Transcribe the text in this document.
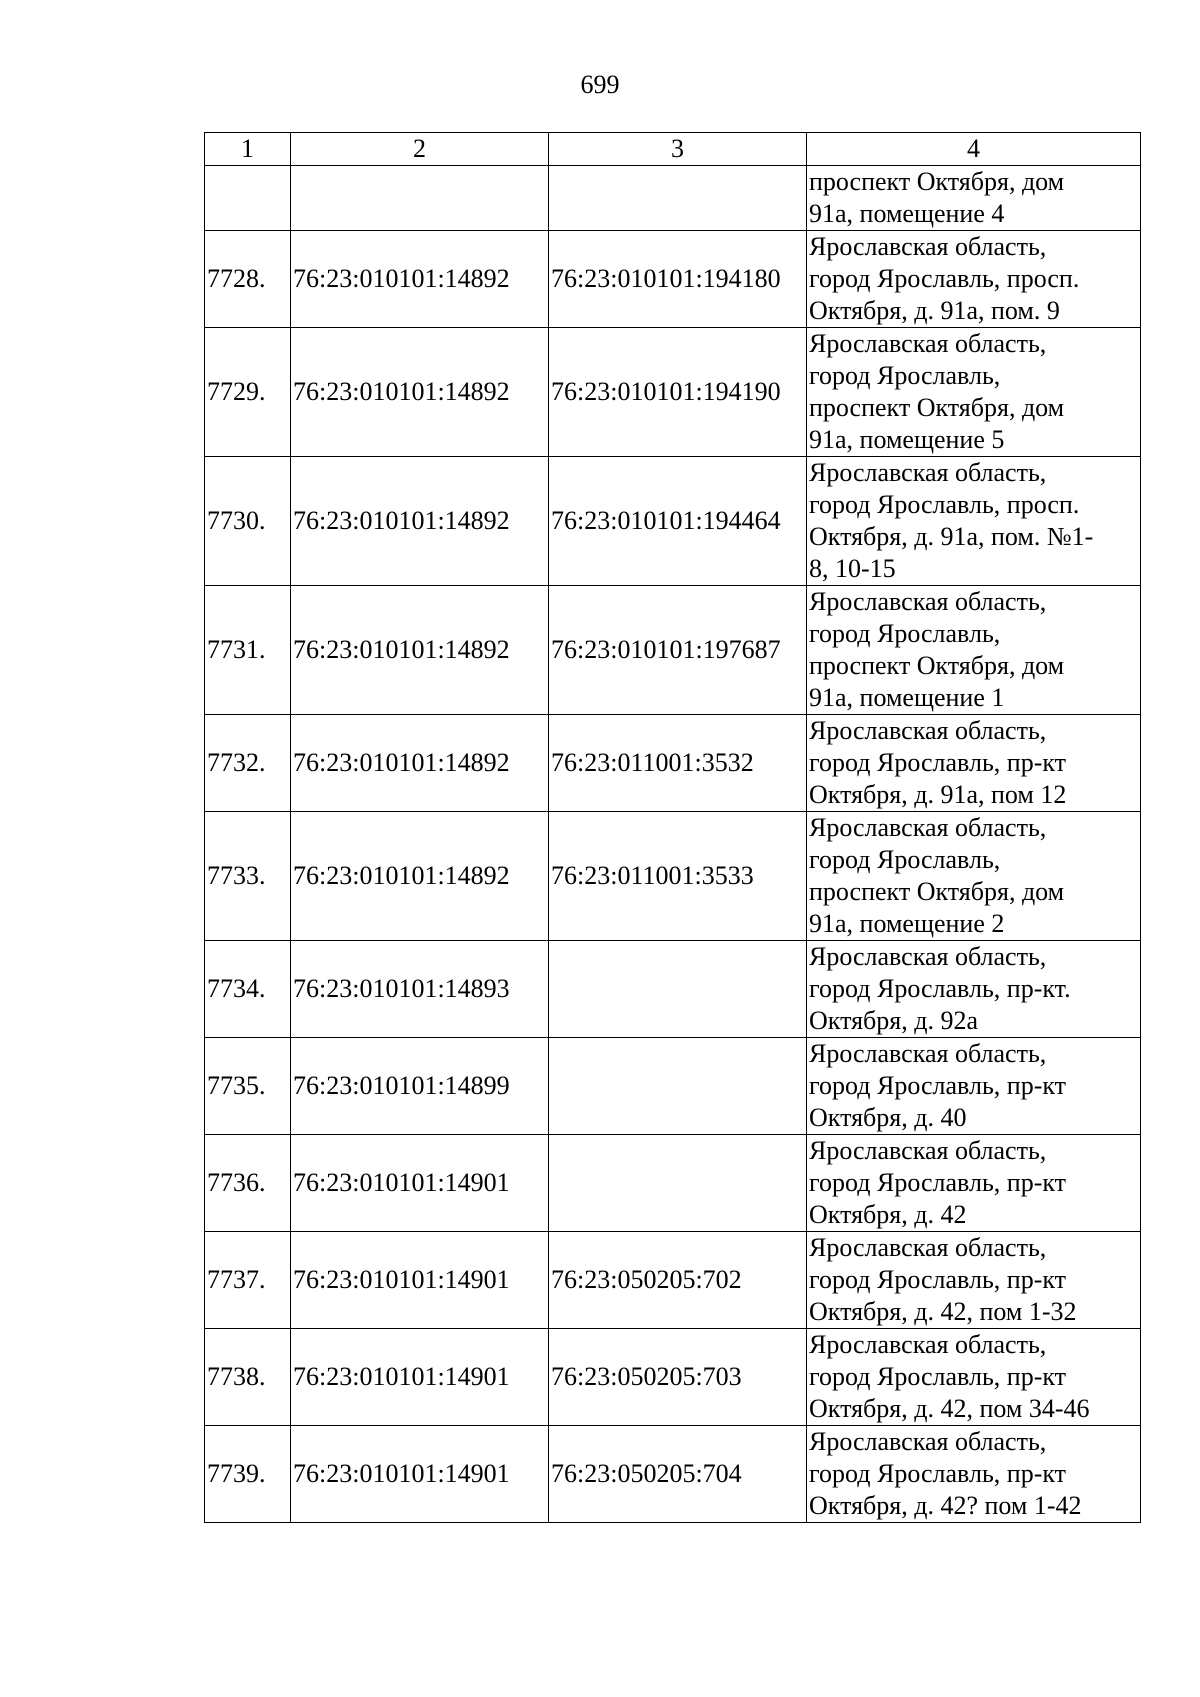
699
1	2	3	4

			проспект Октября, дом
91а, помещение 4

7728.	76:23:010101:14892	76:23:010101:194180	Ярославская область,
город Ярославль, просп.
Октября, д. 91а, пом. 9

7729.	76:23:010101:14892	76:23:010101:194190	Ярославская область,
город Ярославль,
проспект Октября, дом
91а, помещение 5

7730.	76:23:010101:14892	76:23:010101:194464	Ярославская область,
город Ярославль, просп.
Октября, д. 91а, пом. №1-
8, 10-15

7731.	76:23:010101:14892	76:23:010101:197687	Ярославская область,
город Ярославль,
проспект Октября, дом
91а, помещение 1

7732.	76:23:010101:14892	76:23:011001:3532	Ярославская область,
город Ярославль, пр-кт
Октября, д. 91а, пом 12

7733.	76:23:010101:14892	76:23:011001:3533	Ярославская область,
город Ярославль,
проспект Октября, дом
91а, помещение 2

7734.	76:23:010101:14893		Ярославская область,
город Ярославль, пр-кт.
Октября, д. 92а

7735.	76:23:010101:14899		Ярославская область,
город Ярославль, пр-кт
Октября, д. 40

7736.	76:23:010101:14901		Ярославская область,
город Ярославль, пр-кт
Октября, д. 42

7737.	76:23:010101:14901	76:23:050205:702	Ярославская область,
город Ярославль, пр-кт
Октября, д. 42, пом 1-32

7738.	76:23:010101:14901	76:23:050205:703	Ярославская область,
город Ярославль, пр-кт
Октября, д. 42, пом 34-46

7739.	76:23:010101:14901	76:23:050205:704	Ярославская область,
город Ярославль, пр-кт
Октября, д. 42? пом 1-42
